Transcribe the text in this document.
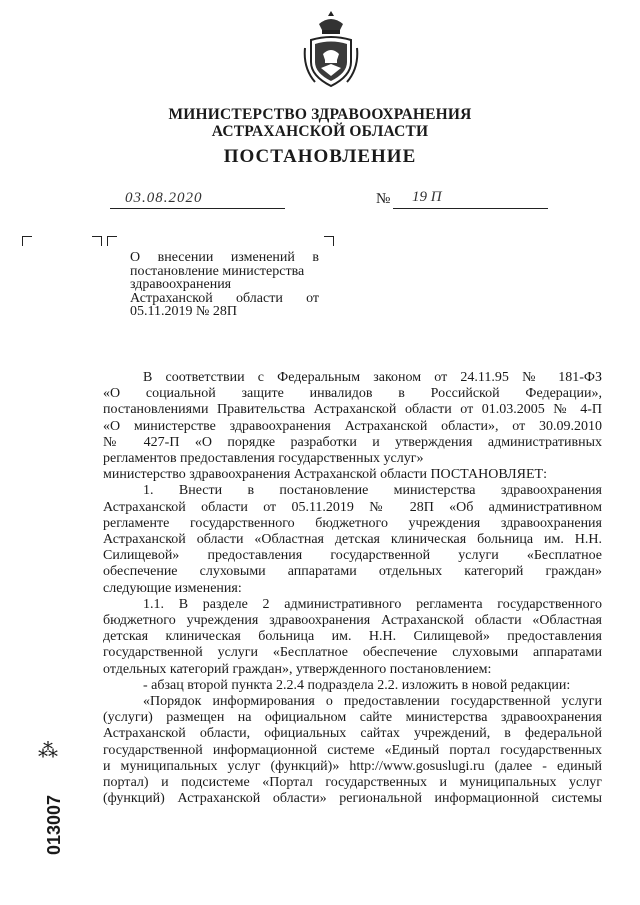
МИНИСТЕРСТВО ЗДРАВООХРАНЕНИЯ
АСТРАХАНСКОЙ ОБЛАСТИ
ПОСТАНОВЛЕНИЕ
03.08.2020	№ 19 П
О внесении изменений в
постановление министерства
здравоохранения
Астраханской области от
05.11.2019 № 28П
В соответствии с Федеральным законом от 24.11.95 № 181-ФЗ
«О социальной защите инвалидов в Российской Федерации»,
постановлениями Правительства Астраханской области от 01.03.2005 № 4-П
«О министерстве здравоохранения Астраханской области», от 30.09.2010
№ 427-П «О порядке разработки и утверждения административных
регламентов предоставления государственных услуг»
министерство здравоохранения Астраханской области ПОСТАНОВЛЯЕТ:
1. Внести в постановление министерства здравоохранения
Астраханской области от 05.11.2019 № 28П «Об административном
регламенте государственного бюджетного учреждения здравоохранения
Астраханской области «Областная детская клиническая больница им. Н.Н.
Силищевой» предоставления государственной услуги «Бесплатное
обеспечение слуховыми аппаратами отдельных категорий граждан»
следующие изменения:
1.1. В разделе 2 административного регламента государственного
бюджетного учреждения здравоохранения Астраханской области «Областная
детская клиническая больница им. Н.Н. Силищевой» предоставления
государственной услуги «Бесплатное обеспечение слуховыми аппаратами
отдельных категорий граждан», утвержденного постановлением:
- абзац второй пункта 2.2.4 подраздела 2.2. изложить в новой редакции:
«Порядок информирования о предоставлении государственной услуги
(услуги) размещен на официальном сайте министерства здравоохранения
Астраханской области, официальных сайтах учреждений, в федеральной
государственной информационной системе «Единый портал государственных
и муниципальных услуг (функций)» http://www.gosuslugi.ru (далее - единый
портал) и подсистеме «Портал государственных и муниципальных услуг
(функций) Астраханской области» региональной информационной системы
⁂
013007
